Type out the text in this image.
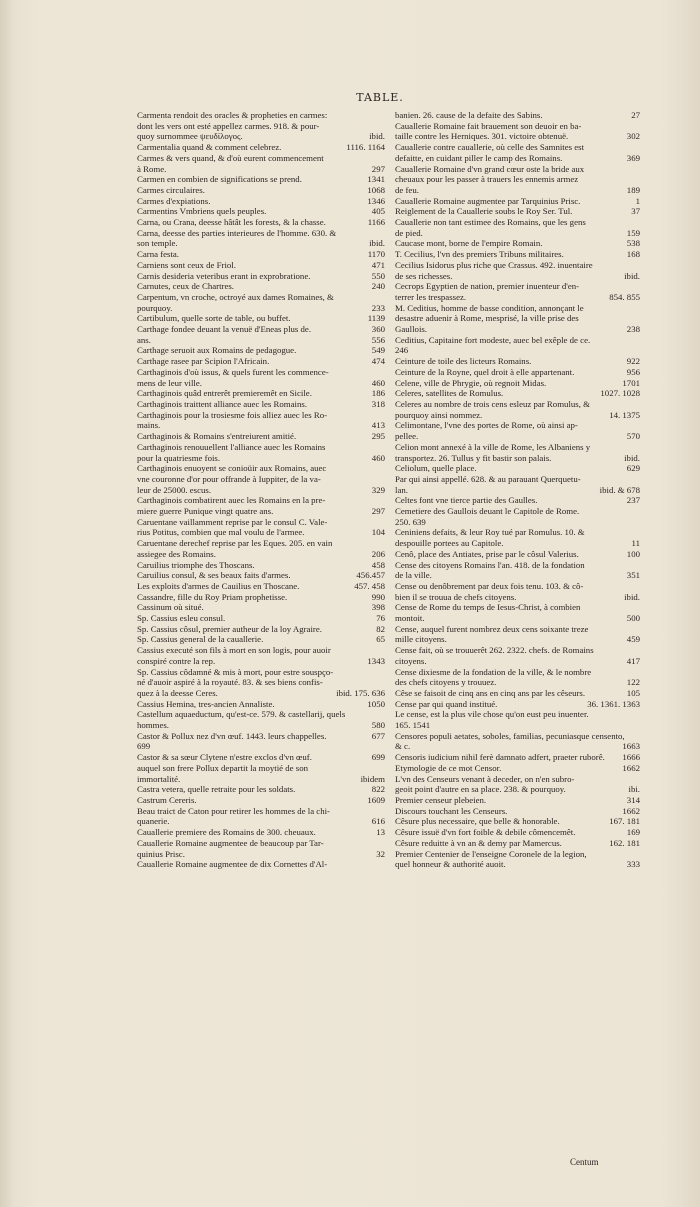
TABLE.
Carmenta rendoit des oracles & propheties en carmes:
dont les vers ont esté appellez carmes. 918. & pour-
quoy surnommee ψευδίλογος.	ibid.
Carmentalia quand & comment celebrez.	1116. 1164
Carmes & vers quand, & d'où eurent commencement
à Rome.	297
Carmen en combien de significations se prend.	1341
Carmes circulaires.	1068
Carmes d'expiations.	1346
Carmentins Vmbriens quels peuples.	405
Carna, ou Crana, deesse hâtât les forests, & la chasse.	1166
Carna, deesse des parties interieures de l'homme. 630. &
son temple.	ibid.
Carna festa.	1170
Carniens sont ceux de Friol.	471
Carnis desideria veteribus erant in exprobratione.	550
Carnutes, ceux de Chartres.	240
Carpentum, vn croche, octroyé aux dames Romaines, &
pourquoy.	233
Cartibulum, quelle sorte de table, ou buffet.	1139
Carthage fondee deuant la venuë d'Eneas plus de.	360
ans.	556
Carthage seruoit aux Romains de pedagogue.	549
Carthage rasee par Scipion l'Africain.	474
Carthaginois d'où issus, & quels furent les commence-
mens de leur ville.	460
Carthaginois quâd entrerêt premieremêt en Sicile.	186
Carthaginois traittent alliance auec les Romains.	318
Carthaginois pour la trosiesme fois alliez auec les Ro-
mains.	413
Carthaginois & Romains s'entreiurent amitié.	295
Carthaginois renouuellent l'alliance auec les Romains
pour la quatriesme fois.	460
Carthaginois enuoyent se conioüir aux Romains, auec
vne couronne d'or pour offrande à Iuppiter, de la va-
leur de 25000. escus.	329
Carthaginois combatirent auec les Romains en la pre-
miere guerre Punique vingt quatre ans.	297
Caruentane vaillamment reprise par le consul C. Vale-
rius Potitus, combien que mal voulu de l'armee.	104
Caruentane derechef reprise par les Eques. 205. en vain
assiegee des Romains.	206
Caruilius triomphe des Thoscans.	458
Caruilius consul, & ses beaux faits d'armes.	456.457
Les exploits d'armes de Cauilius en Thoscane.	457. 458
Cassandre, fille du Roy Priam prophetisse.	990
Cassinum où situé.	398
Sp. Cassius esleu consul.	76
Sp. Cassius côsul, premier autheur de la loy Agraire.	82
Sp. Cassius general de la cauallerie.	65
Cassius executé son fils à mort en son logis, pour auoir
conspiré contre la rep.	1343
Sp. Cassius côdamné & mis à mort, pour estre souspço-
né d'auoir aspiré à la royauté. 83. & ses biens confis-
quez à la deesse Ceres.	ibid. 175. 636
Cassius Hemina, tres-ancien Annaliste.	1050
Castellum aquaeductum, qu'est-ce. 579. & castellarij, quels
hommes.	580
Castor & Pollux nez d'vn œuf. 1443. leurs chappelles.	677
699
Castor & sa sœur Clytene n'estre exclos d'vn œuf.	699
auquel son frere Pollux departit la moytié de son
immortalité.	ibidem
Castra vetera, quelle retraite pour les soldats.	822
Castrum Cereris.	1609
Beau traict de Caton pour retirer les hommes de la chi-
quanerie.	616
Cauallerie premiere des Romains de 300. cheuaux.	13
Cauallerie Romaine augmentee de beaucoup par Tar-
quinius Prisc.	32
Cauallerie Romaine augmentee de dix Cornettes d'Al-
banien. 26. cause de la defaite des Sabins.	27
Cauallerie Romaine fait brauement son deuoir en ba-
taille contre les Herniques. 301. victoire obtenuë.	302
Cauallerie contre cauallerie, où celle des Samnites est
defaitte, en cuidant piller le camp des Romains.	369
Cauallerie Romaine d'vn grand cœur oste la bride aux
cheuaux pour les passer à trauers les ennemis armez
de feu.	189
Cauallerie Romaine augmentee par Tarquinius Prisc.	1
Reiglement de la Cauallerie soubs le Roy Ser. Tul.	37
Cauallerie non tant estimee des Romains, que les gens
de pied.	159
Caucase mont, borne de l'empire Romain.	538
T. Cecilius, l'vn des premiers Tribuns militaires.	168
Cecilius Isidorus plus riche que Crassus. 492. inuentaire
de ses richesses.	ibid.
Cecrops Egyptien de nation, premier inuenteur d'en-
terrer les trespassez.	854. 855
M. Ceditius, homme de basse condition, annonçant le
desastre aduenir à Rome, mesprisé, la ville prise des
Gaullois.	238
Ceditius, Capitaine fort modeste, auec bel exêple de ce.
246
Ceinture de toile des licteurs Romains.	922
Ceinture de la Royne, quel droit à elle appartenant.	956
Celene, ville de Phrygie, où regnoit Midas.	1701
Celeres, satellites de Romulus.	1027. 1028
Celeres au nombre de trois cens esleuz par Romulus, &
pourquoy ainsi nommez.	14. 1375
Celimontane, l'vne des portes de Rome, où ainsi ap-
pellee.	570
Celion mont annexé à la ville de Rome, les Albaniens y
transportez. 26. Tullus y fit bastir son palais.	ibid.
Celiolum, quelle place.	629
Par qui ainsi appellé. 628. & au parauant Querquetu-
lan.	ibid. & 678
Celtes font vne tierce partie des Gaulles.	237
Cemetiere des Gaullois deuant le Capitole de Rome.
250. 639
Ceniniens defaits, & leur Roy tué par Romulus. 10. &
despouille portees au Capitole.	11
Cenô, place des Antiates, prise par le côsul Valerius.	100
Cense des citoyens Romains l'an. 418. de la fondation
de la ville.	351
Cense ou denôbrement par deux fois tenu. 103. & cô-
bien il se trouua de chefs citoyens.	ibid.
Cense de Rome du temps de Iesus-Christ, à combien
montoit.	500
Cense, auquel furent nombrez deux cens soixante treze
mille citoyens.	459
Cense fait, où se trouuerêt 262. 2322. chefs. de Romains
citoyens.	417
Cense dixiesme de la fondation de la ville, & le nombre
des chefs citoyens y trouuez.	122
Cêse se faisoit de cinq ans en cinq ans par les cêseurs.	105
Cense par qui quand institué.	36. 1361. 1363
Le cense, est la plus vile chose qu'on eust peu inuenter.
165. 1541
Censores populi aetates, soboles, familias, pecuniasque censento,
& c.	1663
Censoris iudicium nihil ferè damnato adfert, praeter ruborê. 1666
Etymologie de ce mot Censor.	1662
L'vn des Censeurs venant à deceder, on n'en subro-
geoit point d'autre en sa place. 238. & pourquoy.	ibi.
Premier censeur plebeien.	314
Discours touchant les Censeurs.	1662
Cêsure plus necessaire, que belle & honorable.	167. 181
Cêsure issuë d'vn fort foible & debile cômencemêt.	169
Cêsure reduitte à vn an & demy par Mamercus.	162. 181
Premier Centenier de l'enseigne Coronele de la legion,
quel honneur & authorité auoit.	333
Centum
